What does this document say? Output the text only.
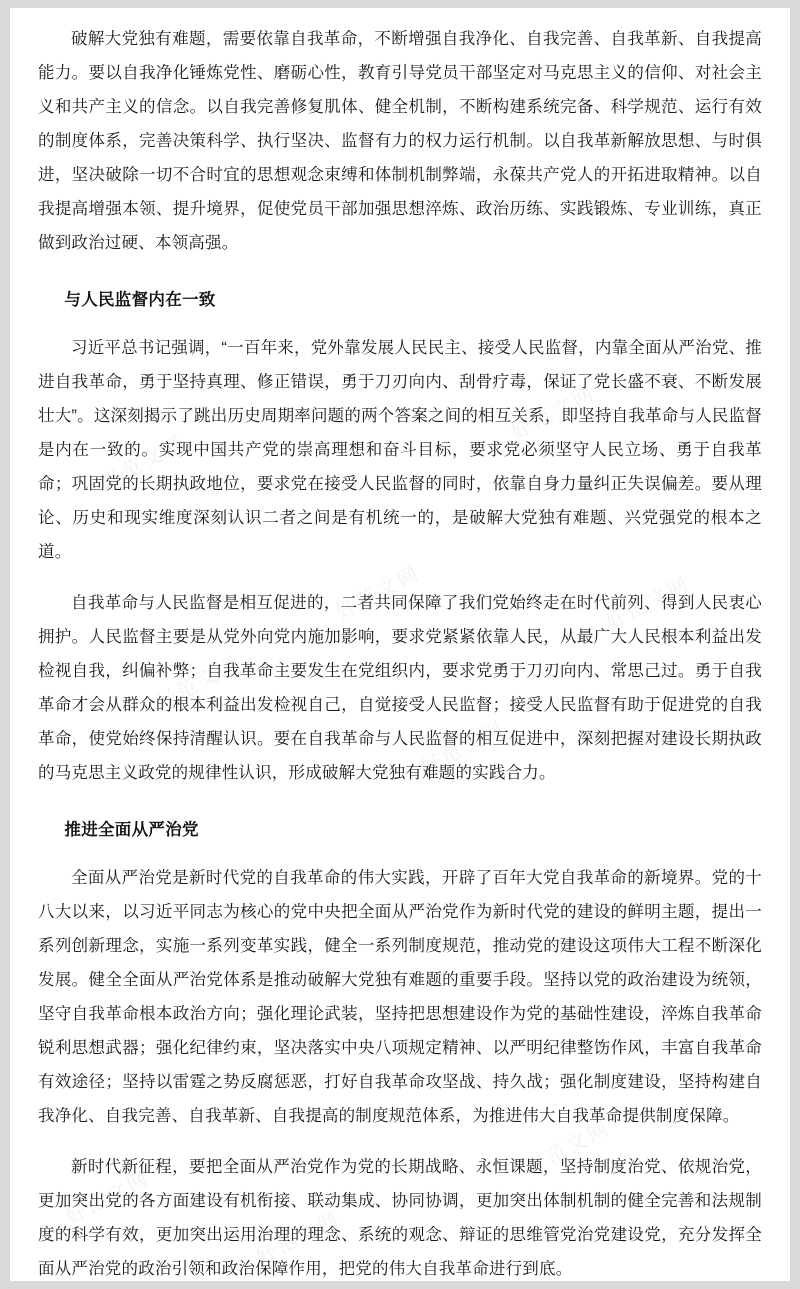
破解大党独有难题，需要依靠自我革命，不断增强自我净化、自我完善、自我革新、自我提高能力。要以自我净化锤炼党性、磨砺心性，教育引导党员干部坚定对马克思主义的信仰、对社会主义和共产主义的信念。以自我完善修复肌体、健全机制，不断构建系统完备、科学规范、运行有效的制度体系，完善决策科学、执行坚决、监督有力的权力运行机制。以自我革新解放思想、与时俱进，坚决破除一切不合时宜的思想观念束缚和体制机制弊端，永葆共产党人的开拓进取精神。以自我提高增强本领、提升境界，促使党员干部加强思想淬炼、政治历练、实践锻炼、专业训练，真正做到政治过硬、本领高强。

与人民监督内在一致

习近平总书记强调，“一百年来，党外靠发展人民民主、接受人民监督，内靠全面从严治党、推进自我革命，勇于坚持真理、修正错误，勇于刀刃向内、刮骨疗毒，保证了党长盛不衰、不断发展壮大”。这深刻揭示了跳出历史周期率问题的两个答案之间的相互关系，即坚持自我革命与人民监督是内在一致的。实现中国共产党的崇高理想和奋斗目标，要求党必须坚守人民立场、勇于自我革命；巩固党的长期执政地位，要求党在接受人民监督的同时，依靠自身力量纠正失误偏差。要从理论、历史和现实维度深刻认识二者之间是有机统一的，是破解大党独有难题、兴党强党的根本之道。

自我革命与人民监督是相互促进的，二者共同保障了我们党始终走在时代前列、得到人民衷心拥护。人民监督主要是从党外向党内施加影响，要求党紧紧依靠人民，从最广大人民根本利益出发检视自我，纠偏补弊；自我革命主要发生在党组织内，要求党勇于刀刃向内、常思己过。勇于自我革命才会从群众的根本利益出发检视自己，自觉接受人民监督；接受人民监督有助于促进党的自我革命，使党始终保持清醒认识。要在自我革命与人民监督的相互促进中，深刻把握对建设长期执政的马克思主义政党的规律性认识，形成破解大党独有难题的实践合力。

推进全面从严治党

全面从严治党是新时代党的自我革命的伟大实践，开辟了百年大党自我革命的新境界。党的十八大以来，以习近平同志为核心的党中央把全面从严治党作为新时代党的建设的鲜明主题，提出一系列创新理念，实施一系列变革实践，健全一系列制度规范，推动党的建设这项伟大工程不断深化发展。健全全面从严治党体系是推动破解大党独有难题的重要手段。坚持以党的政治建设为统领，坚守自我革命根本政治方向；强化理论武装，坚持把思想建设作为党的基础性建设，淬炼自我革命锐利思想武器；强化纪律约束，坚决落实中央八项规定精神、以严明纪律整饬作风，丰富自我革命有效途径；坚持以雷霆之势反腐惩恶，打好自我革命攻坚战、持久战；强化制度建设，坚持构建自我净化、自我完善、自我革新、自我提高的制度规范体系，为推进伟大自我革命提供制度保障。

新时代新征程，要把全面从严治党作为党的长期战略、永恒课题，坚持制度治党、依规治党，更加突出党的各方面建设有机衔接、联动集成、协同协调，更加突出体制机制的健全完善和法规制度的科学有效，更加突出运用治理的理念、系统的观念、辩证的思维管党治党建设党，充分发挥全面从严治党的政治引领和政治保障作用，把党的伟大自我革命进行到底。

好范文网
好范文网
好范文网	好范文网
好范文网
好范文网
好范文网
好范文网
好范文网
